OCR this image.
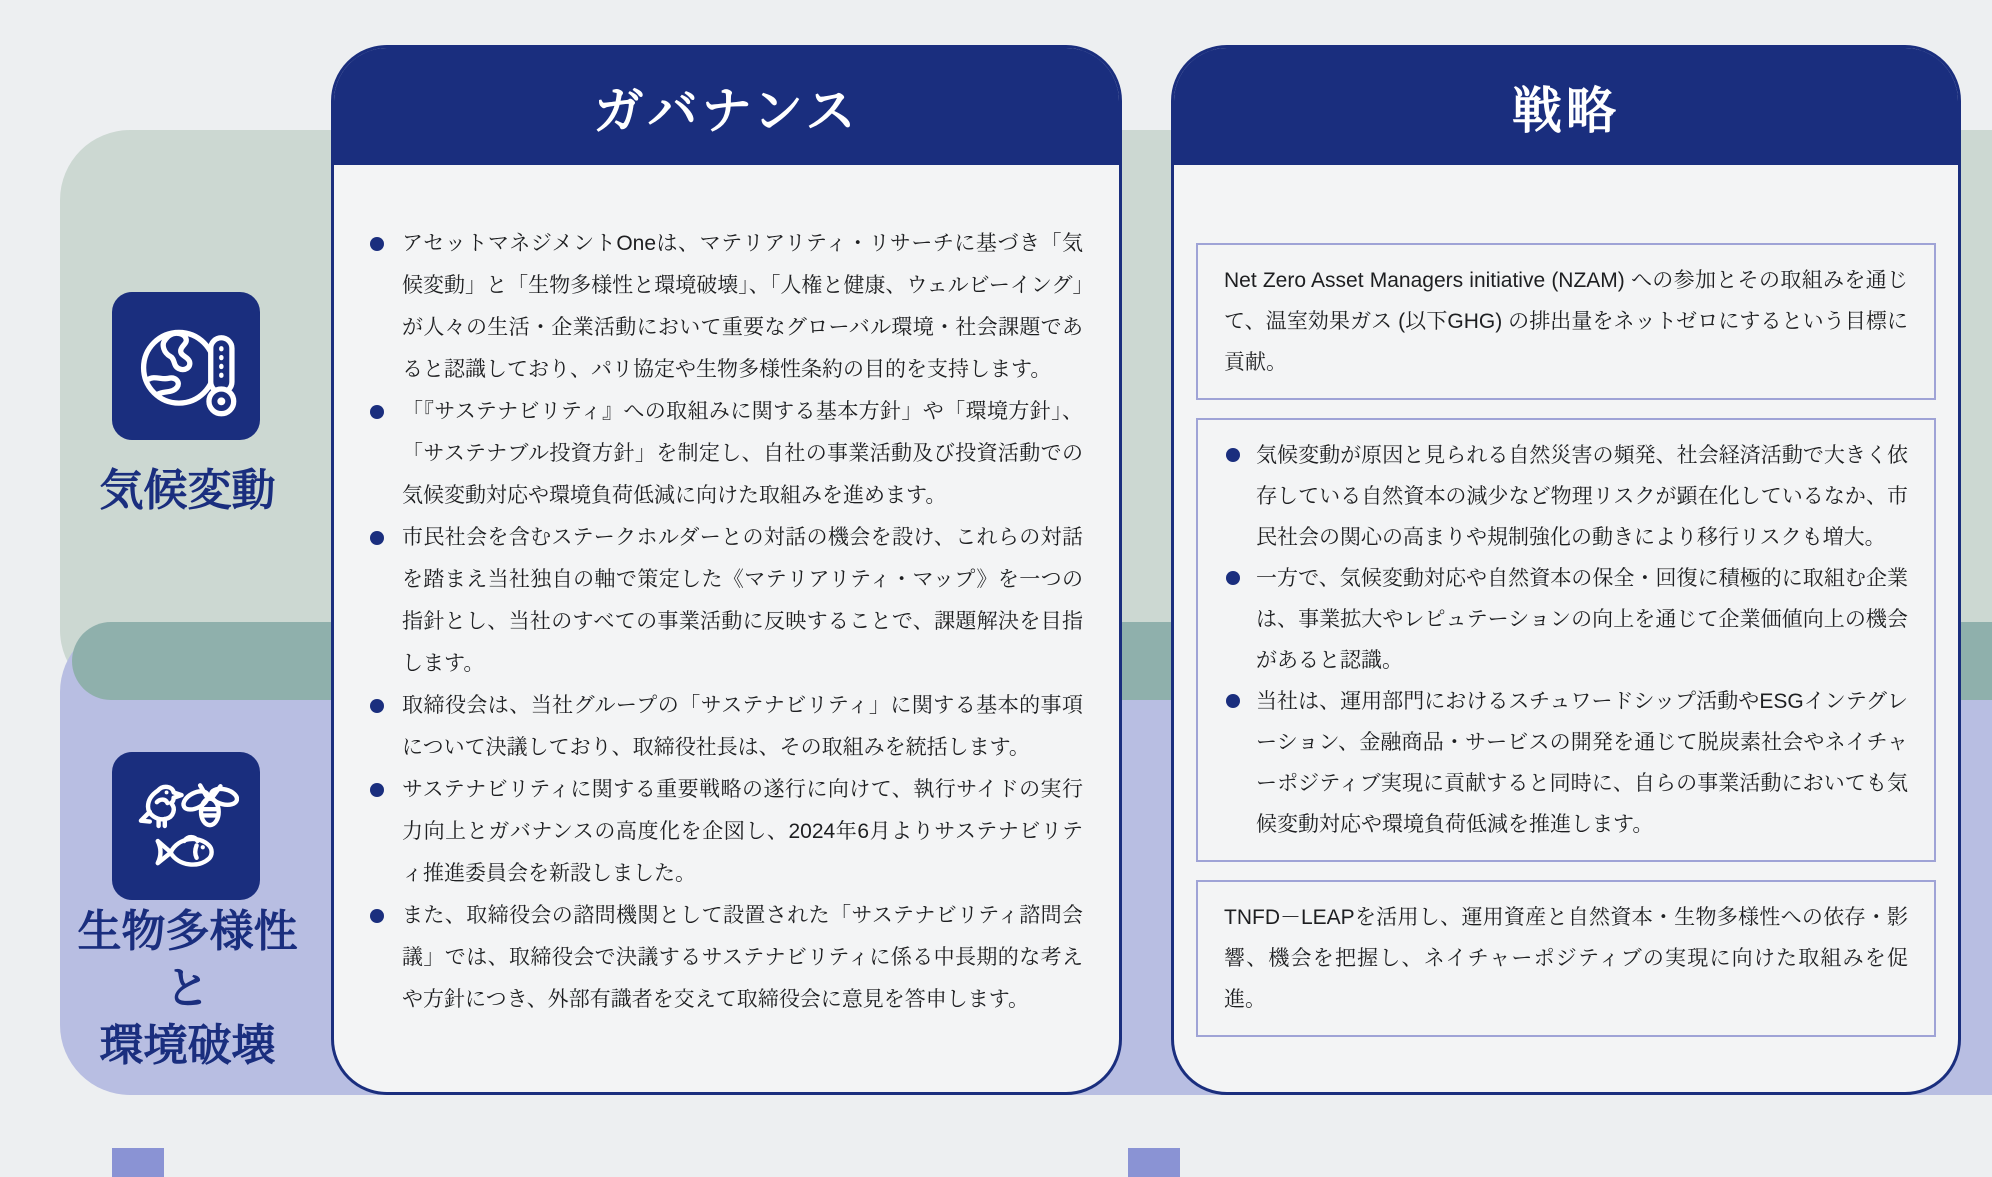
気候変動
生物多様性
と
環境破壊
ガバナンス
アセットマネジメントOneは、マテリアリティ・リサーチに基づき「気候変動」と「生物多様性と環境破壊」、「人権と健康、ウェルビーイング」が人々の生活・企業活動において重要なグローバル環境・社会課題であると認識しており、パリ協定や生物多様性条約の目的を支持します。
「『サステナビリティ』への取組みに関する基本方針」や「環境方針」、「サステナブル投資方針」を制定し、自社の事業活動及び投資活動での気候変動対応や環境負荷低減に向けた取組みを進めます。
市民社会を含むステークホルダーとの対話の機会を設け、これらの対話を踏まえ当社独自の軸で策定した《マテリアリティ・マップ》を一つの指針とし、当社のすべての事業活動に反映することで、課題解決を目指します。
取締役会は、当社グループの「サステナビリティ」に関する基本的事項について決議しており、取締役社長は、その取組みを統括します。
サステナビリティに関する重要戦略の遂行に向けて、執行サイドの実行力向上とガバナンスの高度化を企図し、2024年6月よりサステナビリティ推進委員会を新設しました。
また、取締役会の諮問機関として設置された「サステナビリティ諮問会議」では、取締役会で決議するサステナビリティに係る中長期的な考えや方針につき、外部有識者を交えて取締役会に意見を答申します。
戦略

Net Zero Asset Managers initiative (NZAM) への参加とその取組みを通じて、温室効果ガス (以下GHG) の排出量をネットゼロにするという目標に貢献。

気候変動が原因と見られる自然災害の頻発、社会経済活動で大きく依存している自然資本の減少など物理リスクが顕在化しているなか、市民社会の関心の高まりや規制強化の動きにより移行リスクも増大。
一方で、気候変動対応や自然資本の保全・回復に積極的に取組む企業は、事業拡大やレピュテーションの向上を通じて企業価値向上の機会があると認識。
当社は、運用部門におけるスチュワードシップ活動やESGインテグレーション、金融商品・サービスの開発を通じて脱炭素社会やネイチャーポジティブ実現に貢献すると同時に、自らの事業活動においても気候変動対応や環境負荷低減を推進します。

TNFD－LEAPを活用し、運用資産と自然資本・生物多様性への依存・影響、機会を把握し、ネイチャーポジティブの実現に向けた取組みを促進。
